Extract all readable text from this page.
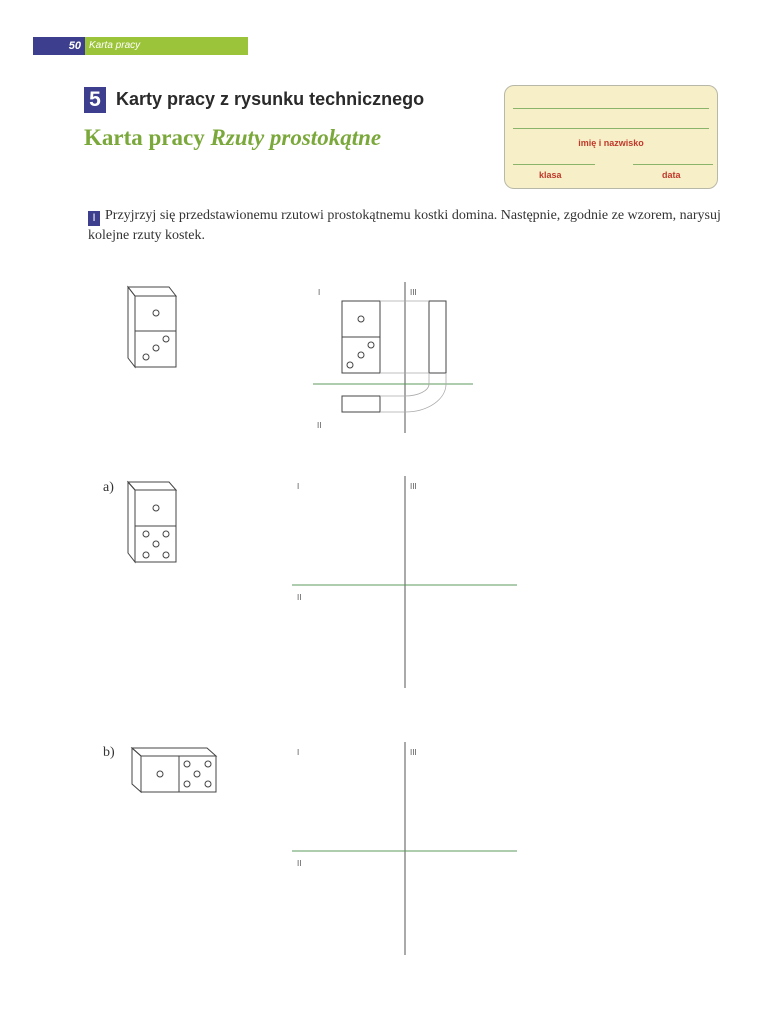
50 Karta pracy
5 Karty pracy z rysunku technicznego
Karta pracy Rzuty prostokątne	imię i nazwisko
klasa	data
I Przyjrzyj się przedstawionemu rzutowi prostokątnemu kostki domina. Następnie, zgodnie ze wzorem, narysuj kolejne rzuty kostek.
I	III
II
I	III
II
I	III
II
a)
b)
